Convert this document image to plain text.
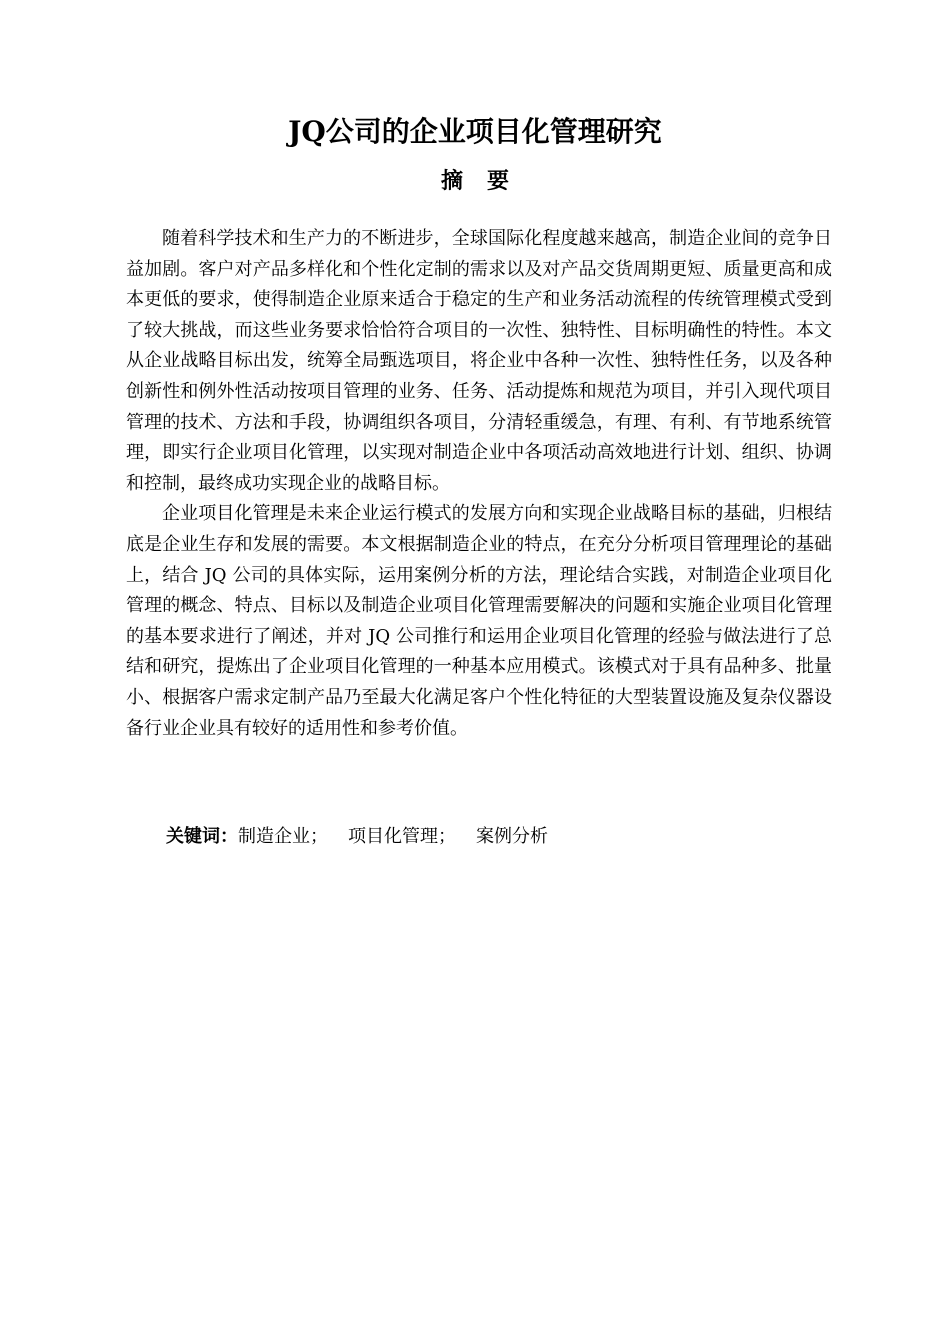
JQ公司的企业项目化管理研究
摘 要

随着科学技术和生产力的不断进步，全球国际化程度越来越高，制造企业间的竞争日益加剧。客户对产品多样化和个性化定制的需求以及对产品交货周期更短、质量更高和成本更低的要求，使得制造企业原来适合于稳定的生产和业务活动流程的传统管理模式受到了较大挑战，而这些业务要求恰恰符合项目的一次性、独特性、目标明确性的特性。本文从企业战略目标出发，统筹全局甄选项目，将企业中各种一次性、独特性任务，以及各种创新性和例外性活动按项目管理的业务、任务、活动提炼和规范为项目，并引入现代项目管理的技术、方法和手段，协调组织各项目，分清轻重缓急，有理、有利、有节地系统管理，即实行企业项目化管理，以实现对制造企业中各项活动高效地进行计划、组织、协调和控制，最终成功实现企业的战略目标。

企业项目化管理是未来企业运行模式的发展方向和实现企业战略目标的基础，归根结底是企业生存和发展的需要。本文根据制造企业的特点，在充分分析项目管理理论的基础上，结合 JQ 公司的具体实际，运用案例分析的方法，理论结合实践，对制造企业项目化管理的概念、特点、目标以及制造企业项目化管理需要解决的问题和实施企业项目化管理的基本要求进行了阐述，并对 JQ 公司推行和运用企业项目化管理的经验与做法进行了总结和研究，提炼出了企业项目化管理的一种基本应用模式。该模式对于具有品种多、批量小、根据客户需求定制产品乃至最大化满足客户个性化特征的大型装置设施及复杂仪器设备行业企业具有较好的适用性和参考价值。

关键词：制造企业； 项目化管理； 案例分析
